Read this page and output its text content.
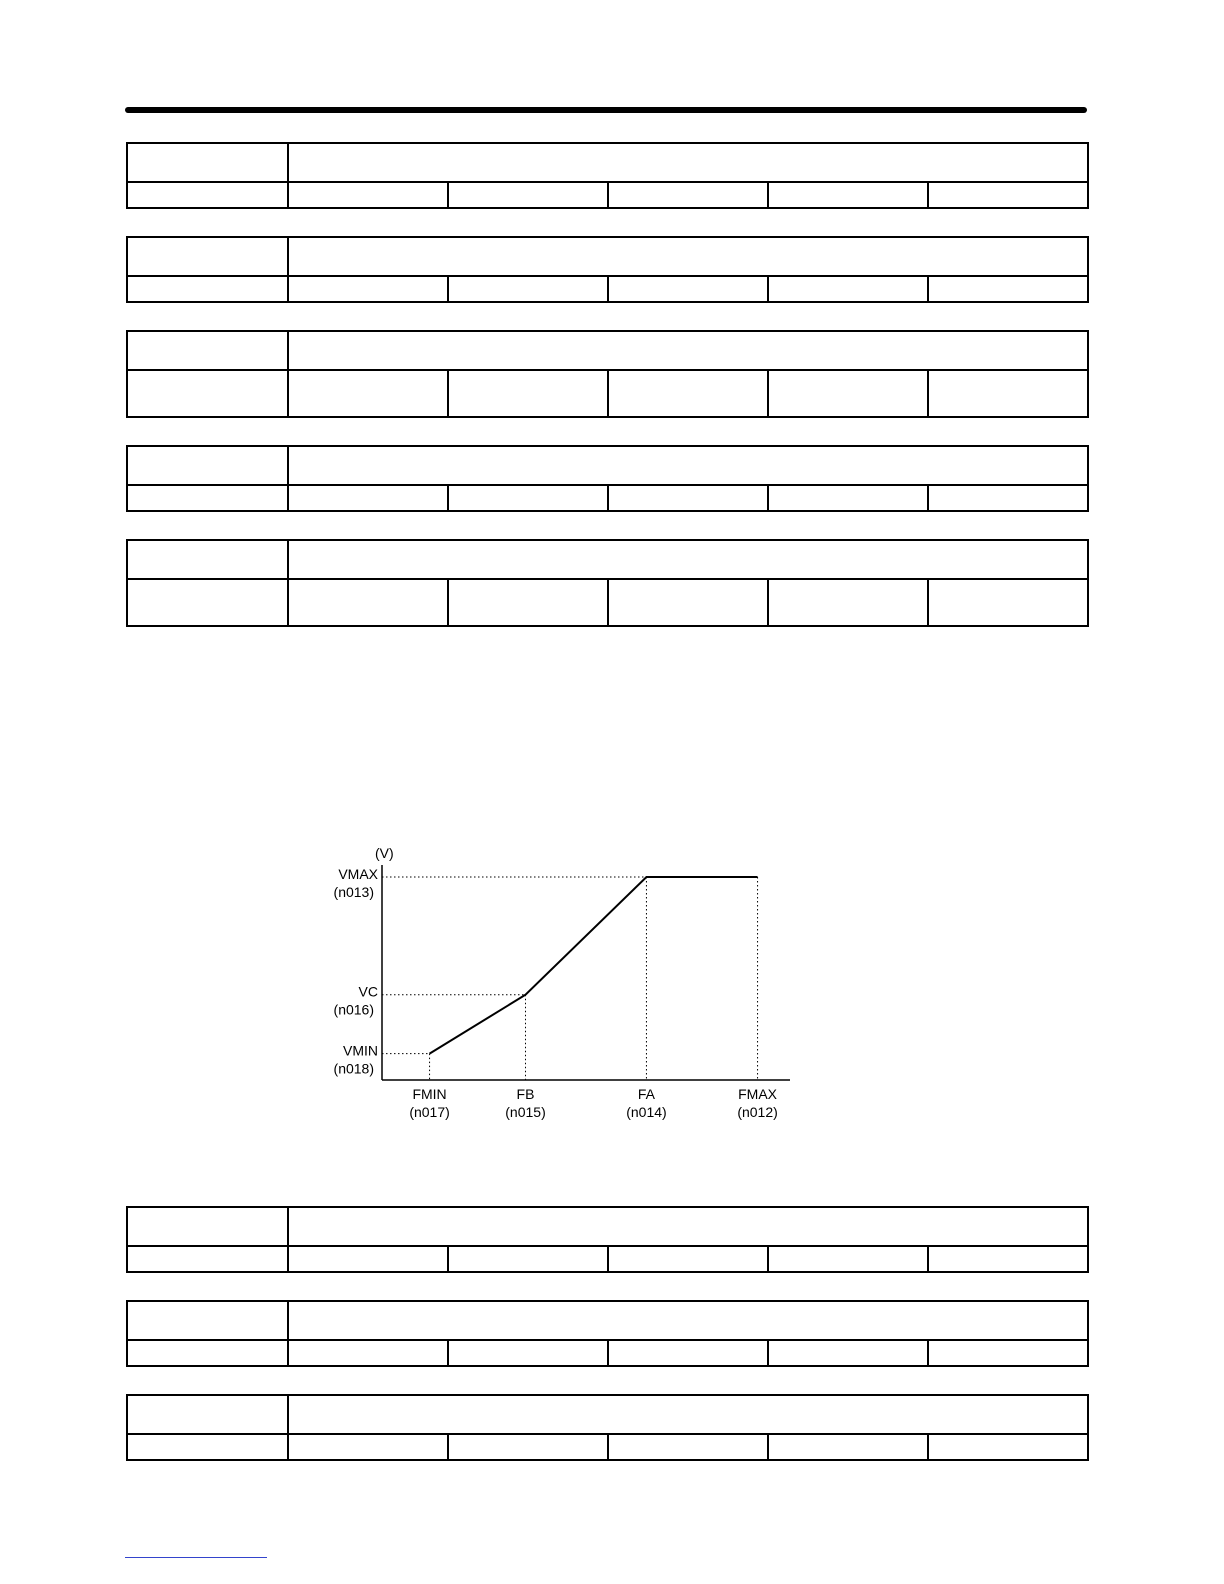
(V)
VMAX
(n013)
VC
(n016)
VMIN
(n018)
FMIN
(n017)
FB
(n015)
FA
(n014)
FMAX
(n012)
